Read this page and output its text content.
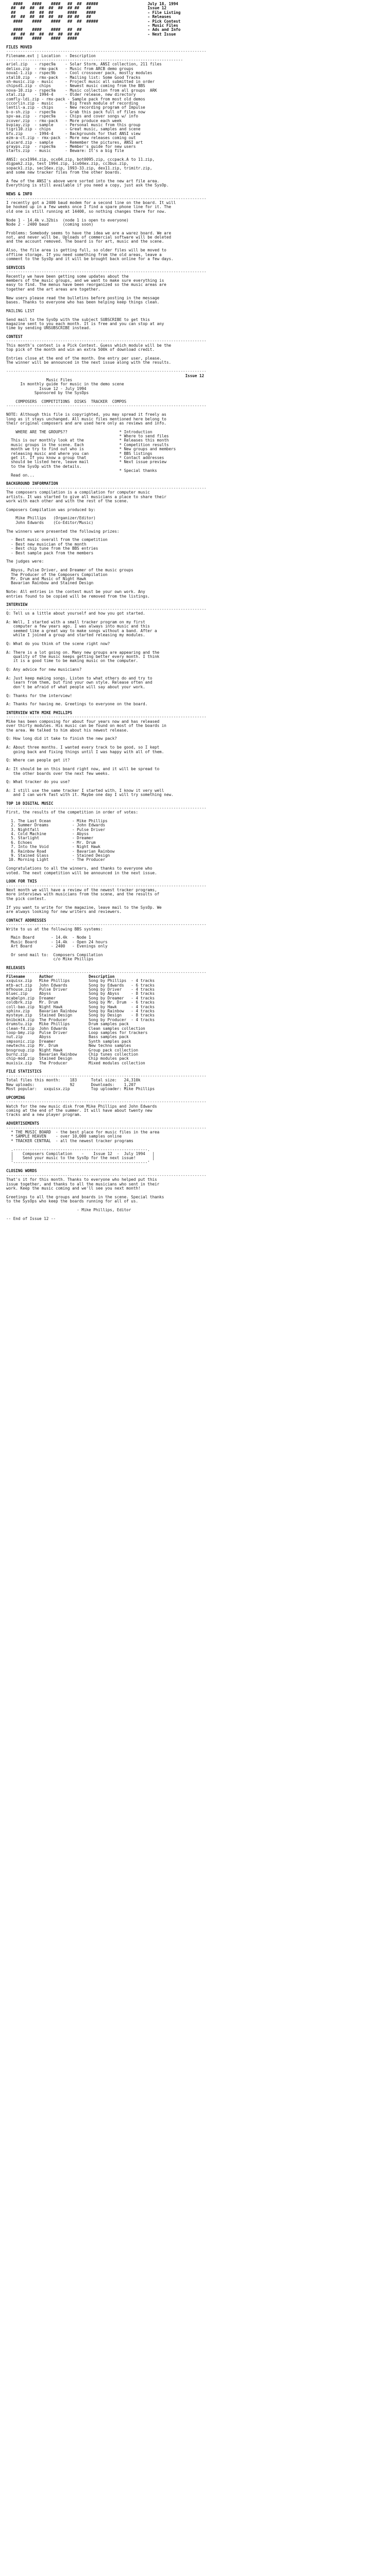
####    ####    ####   ##  ##  #####                     July 18, 1994
##  ##  ##  ##  ##  ##  ## ##   ##                        Issue 12
##      ##  ##  ##      ####    ####                      - File Listing
##  ##  ##  ##  ##  ##  ## ##   ##                        - Releases
####    ####    ####   ##  ##  #####                     - Pick Contest
- Music Files
####    ####    ####   ##  ##                            - Ads and Info
##  ##  ##  ##  ##  ##  ## ##                             - Next Issue
####    ####    ####   ####
FILES MOVED
-------------------------------------------------------------------------------------
Filename.ext | Location  - Description
---------------------------------------------------------------------------
ariel.zip   - rspec9a    - Solar Storm, ANSI collection, 211 files
delixo.zip  - rmx-pack   - Music from ARCB demo groups
nova1-1.zip - rspec9b    - Cool crossover pack, mostly modules
xtal10.zip  - rmx-pack   - Mailing list: Some Good Tracks
sh-music.zip - music     - Project music all submitted in order
chipsd1.zip - chips      - Newest music coming from the BBS
nova-10.zip - rspec9a    - Music collection from all groups  ARK
xtal.zip    - 1994-4     - Older release, new directory
comfly-ldi.zip - rmx-pack - Sample pack from most old demos
cccorlin.zip - music     - Big fresh module of recording
lentil-a.zip - chips     - New recording program of Impulse
b-o-sh.zip  - rspec9a    - Grab this pack full of files now
spv-aa.zip  - rspec9a    - Chips and cover songs w/ info
zcover.zip  - rmx-pack   - More produce each week
bvpiay.zip  - sample     - Personal music from this group
tigri10.zip - chips      - Great music, samples and scene
bfx.zip     - 1994-4     - Backgrounds for that ANSI view
ezm-a-ct.zip - rmx-pack  - More new releases coming out
alucard.zip - sample     - Remember the pictures, ANSI art
grayps.zip  - rspec9a    - Member's guide for new users
starts.zip  - music      - Beware: It's a big file
ANSI: ocx1994.zip, ocx04.zip, bot0095.zip, cccpack.A to 11.zip,
digpak2.zip, test 1994.zip, 1cx04ex.zip, cc3bus.zip,
sopack1.zip, sec16ex.zip, 1993-33.zip, dex11.zip, trimitr.zip,
and some new tracker files from the other boards.
A few of the ANSI's above were sorted into the new art file area.
Everything is still available if you need a copy, just ask the SysOp.
NEWS & INFO
-------------------------------------------------------------------------------------
I recently got a 2400 baud modem for a second line on the board. It will
be hooked up in a few weeks once I find a spare phone line for it. The
old one is still running at 14400, so nothing changes there for now.
Node 1 - 14.4k v.32bis  (node 1 is open to everyone)
Node 2 - 2400 baud      (coming soon)
Problems: Somebody seems to have the idea we are a warez board. We are
not, and never will be. Uploads of commercial software will be deleted
and the account removed. The board is for art, music and the scene.
Also, the file area is getting full, so older files will be moved to
offline storage. If you need something from the old areas, leave a
comment to the SysOp and it will be brought back online for a few days.
SERVICES
-------------------------------------------------------------------------------------
Recently we have been getting some updates about the
members of the music groups, and we want to make sure everything is
easy to find. The menus have been reorganized so the music areas are
together and the art areas are together.
New users please read the bulletins before posting in the message
bases. Thanks to everyone who has been helping keep things clean.
MAILING LIST
Send mail to the SysOp with the subject SUBSCRIBE to get this
magazine sent to you each month. It is free and you can stop at any
time by sending UNSUBSCRIBE instead.
CONTEST
-------------------------------------------------------------------------------------
This month's contest is a Pick Contest. Guess which module will be the
top pick of the month and win an extra 500k of download credit.
Entries close at the end of the month. One entry per user, please.
The winner will be announced in the next issue along with the results.
-------------------------------------------------------------------------------------
Issue 12
Music Files
In monthly guide for music in the demo scene
Issue 12 - July 1994
Sponsored by the SysOps
COMPOSERS  COMPETITIONS  DISKS  TRACKER  COMPOS
-------------------------------------------------------------------------------------
NOTE: Although this file is copyrighted, you may spread it freely as
long as it stays unchanged. All music files mentioned here belong to
their original composers and are used here only as reviews and info.
WHERE ARE THE GROUPS??                      * Introduction
* Where to send files
This is our monthly look at the               * Releases this month
music groups in the scene. Each               * Competition results
month we try to find out who is               * New groups and members
releasing music and where you can             * BBS listings
get it. If you know a group that              * Contact addresses
should be listed here, leave mail             * Next issue preview
to the SysOp with the details.
* Special thanks
Read on...
BACKGROUND INFORMATION
-------------------------------------------------------------------------------------
The composers compilation is a compilation for computer music
artists. It was started to give all musicians a place to share their
work with each other and with the rest of the scene.
Composers Compilation was produced by:
Mike Phillips   (Organizer/Editor)
John Edwards    (Co-Editor/Music)
The winners were presented the following prizes:
- Best music overall from the competition
- Best new musician of the month
- Best chip tune from the BBS entries
- Best sample pack from the members
The judges were:
Abyss, Pulse Driver, and Dreamer of the music groups
The Producer of the Composers Compilation
Mr. Drum and Music of Night Hawk
Bavarian Rainbow and Stained Design
Note: All entries in the contest must be your own work. Any
entries found to be copied will be removed from the listings.
INTERVIEW
-------------------------------------------------------------------------------------
Q: Tell us a little about yourself and how you got started.
A: Well, I started with a small tracker program on my first
computer a few years ago. I was always into music and this
seemed like a great way to make songs without a band. After a
while I joined a group and started releasing my modules.
Q: What do you think of the scene right now?
A: There is a lot going on. Many new groups are appearing and the
quality of the music keeps getting better every month. I think
it is a good time to be making music on the computer.
Q: Any advice for new musicians?
A: Just keep making songs. Listen to what others do and try to
learn from them, but find your own style. Release often and
don't be afraid of what people will say about your work.
Q: Thanks for the interview!
A: Thanks for having me. Greetings to everyone on the board.
INTERVIEW WITH MIKE PHILLIPS
-------------------------------------------------------------------------------------
Mike has been composing for about four years now and has released
over thirty modules. His music can be found on most of the boards in
the area. We talked to him about his newest release.
Q: How long did it take to finish the new pack?
A: About three months. I wanted every track to be good, so I kept
going back and fixing things until I was happy with all of them.
Q: Where can people get it?
A: It should be on this board right now, and it will be spread to
the other boards over the next few weeks.
Q: What tracker do you use?
A: I still use the same tracker I started with. I know it very well
and I can work fast with it. Maybe one day I will try something new.
TOP 10 DIGITAL MUSIC
-------------------------------------------------------------------------------------
First, the results of the competition in order of votes:
1. The Last Ocean         - Mike Phillips
2. Summer Dreams          - John Edwards
3. Nightfall              - Pulse Driver
4. Cold Machine           - Abyss
5. Starlight              - Dreamer
6. Echoes                 - Mr. Drum
7. Into the Void          - Night Hawk
8. Rainbow Road           - Bavarian Rainbow
9. Stained Glass          - Stained Design
10. Morning Light          - The Producer
Congratulations to all the winners, and thanks to everyone who
voted. The next competition will be announced in the next issue.
LOOK FOR THIS
-------------------------------------------------------------------------------------
Next month we will have a review of the newest tracker programs,
more interviews with musicians from the scene, and the results of
the pick contest.
If you want to write for the magazine, leave mail to the SysOp. We
are always looking for new writers and reviewers.
CONTACT ADDRESSES
-------------------------------------------------------------------------------------
Write to us at the following BBS systems:
Main Board       - 14.4k  - Node 1
Music Board      - 14.4k  - Open 24 hours
Art Board        - 2400   - Evenings only
Or send mail to:  Composers Compilation
c/o Mike Phillips
RELEASES
-------------------------------------------------------------------------------------
Filename      Author               Description
xxquisx.zip   Mike Phillips        Song by Phillips  - 4 tracks
mtb-act.zip   John Edwards         Song by Edwards   - 6 tracks
mfhouse.zip   Pulse Driver         Song by Driver    - 4 tracks
bluec.zip     Abyss                Song by Abyss     - 8 tracks
mcabelpn.zip  Dreamer              Song by Dreamer   - 4 tracks
coldbrk.zip   Mr. Drum             Song by Mr. Drum  - 6 tracks
coll-bao.zip  Night Hawk           Song by Hawk      - 4 tracks
sphinx.zip    Bavarian Rainbow     Song by Rainbow   - 4 tracks
mysteye.zip   Stained Design       Song by Design    - 8 tracks
bnibcmik.zip  The Producer         Song by Producer  - 4 tracks
drumstu.zip   Mike Phillips        Drum samples pack
clean-fd.zip  John Edwards         Clean samples collection
loop-bmy.zip  Pulse Driver         Loop samples for trackers
nut.zip       Abyss                Bass samples pack
smpsonic.zip  Dreamer              Synth samples pack
newtechs.zip  Mr. Drum             New techno samples
bnsgroup.zip  Night Hawk           Group pack collection
burnz.zip     Bavarian Rainbow     Chip tunes collection
chip-mod.zip  Stained Design       Chip modules pack
muxisix.zip   The Producer         Mixed modules collection
FILE STATISTICS
-------------------------------------------------------------------------------------
Total files this month:    183      Total size:   24,310k
New uploads:               92       Downloads:    1,207
Most popular:   xxquisx.zip         Top uploader: Mike Phillips
UPCOMING
-------------------------------------------------------------------------------------
Watch for the new music disk from Mike Phillips and John Edwards
coming at the end of the summer. It will have about twenty new
tracks and a new player program.
ADVERTISEMENTS
-------------------------------------------------------------------------------------
* THE MUSIC BOARD  - the best place for music files in the area
* SAMPLE HEAVEN    - over 10,000 samples online
* TRACKER CENTRAL  - all the newest tracker programs
.---------------------------------------------------------.
|    Composers Compilation    -    Issue 12  -  July 1994   |
|    Send your music to the SysOp for the next issue!       |
'---------------------------------------------------------'
CLOSING WORDS
-------------------------------------------------------------------------------------
That's it for this month. Thanks to everyone who helped put this
issue together, and thanks to all the musicians who sent in their
work. Keep the music coming and we'll see you next month!
Greetings to all the groups and boards in the scene. Special thanks
to the SysOps who keep the boards running for all of us.
- Mike Phillips, Editor
-- End of Issue 12 --
